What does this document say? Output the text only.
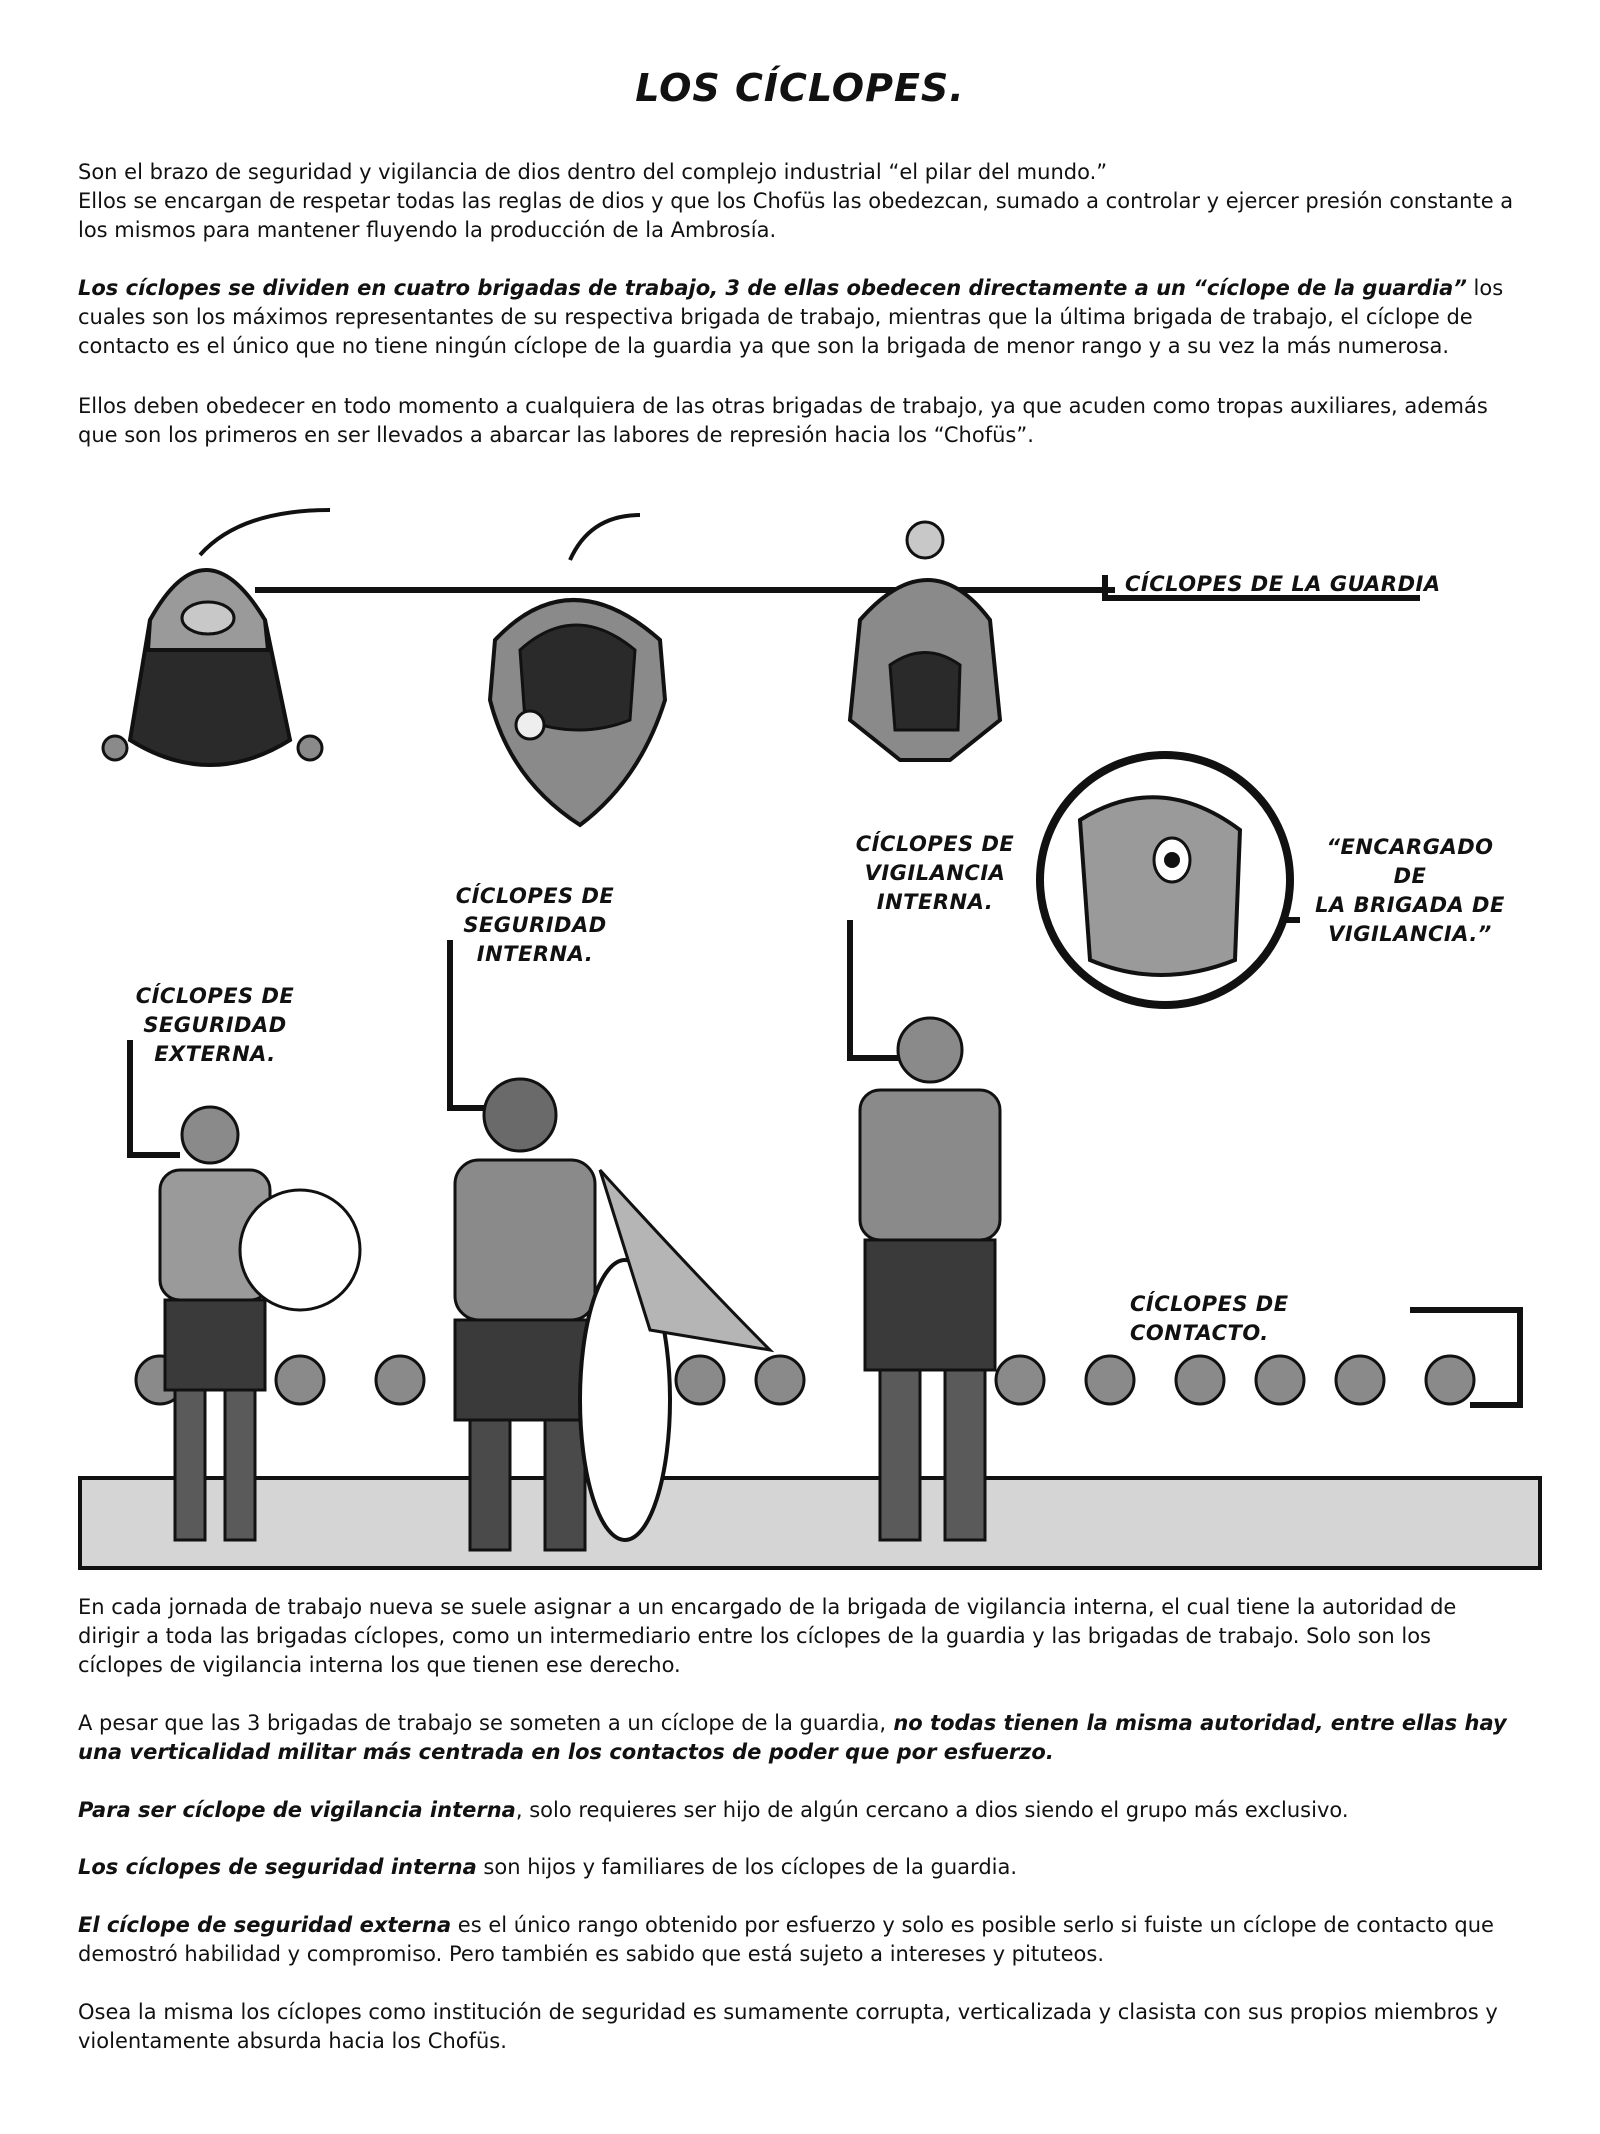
LOS CÍCLOPES.

Son el brazo de seguridad y vigilancia de dios dentro del complejo industrial “el pilar del mundo.”
Ellos se encargan de respetar todas las reglas de dios y que los Chofüs las obedezcan, sumado a controlar y ejercer presión constante a los mismos para mantener fluyendo la producción de la Ambrosía.

Los cíclopes se dividen en cuatro brigadas de trabajo, 3 de ellas obedecen directamente a un “cíclope de la guardia” los cuales son los máximos representantes de su respectiva brigada de trabajo, mientras que la última brigada de trabajo, el cíclope de contacto es el único que no tiene ningún cíclope de la guardia ya que son la brigada de menor rango y a su vez la más numerosa.

Ellos deben obedecer en todo momento a cualquiera de las otras brigadas de trabajo, ya que acuden como tropas auxiliares, además que son los primeros en ser llevados a abarcar las labores de represión hacia los “Chofüs”.

CÍCLOPES DE LA GUARDIA
“ENCARGADO DE
LA BRIGADA DE
VIGILANCIA.”
CÍCLOPES DE
VIGILANCIA
INTERNA.
CÍCLOPES DE
SEGURIDAD
INTERNA.
CÍCLOPES DE
SEGURIDAD
EXTERNA.
CÍCLOPES DE CONTACTO.

En cada jornada de trabajo nueva se suele asignar a un encargado de la brigada de vigilancia interna, el cual tiene la autoridad de dirigir a toda las brigadas cíclopes, como un intermediario entre los cíclopes de la guardia y las brigadas de trabajo. Solo son los cíclopes de vigilancia interna los que tienen ese derecho.

A pesar que las 3 brigadas de trabajo se someten a un cíclope de la guardia, no todas tienen la misma autoridad, entre ellas hay una verticalidad militar más centrada en los contactos de poder que por esfuerzo.

Para ser cíclope de vigilancia interna, solo requieres ser hijo de algún cercano a dios siendo el grupo más exclusivo.

Los cíclopes de seguridad interna son hijos y familiares de los cíclopes de la guardia.

El cíclope de seguridad externa es el único rango obtenido por esfuerzo y solo es posible serlo si fuiste un cíclope de contacto que demostró habilidad y compromiso. Pero también es sabido que está sujeto a intereses y pituteos.

Osea la misma los cíclopes como institución de seguridad es sumamente corrupta, verticalizada y clasista con sus propios miembros y violentamente absurda hacia los Chofüs.
